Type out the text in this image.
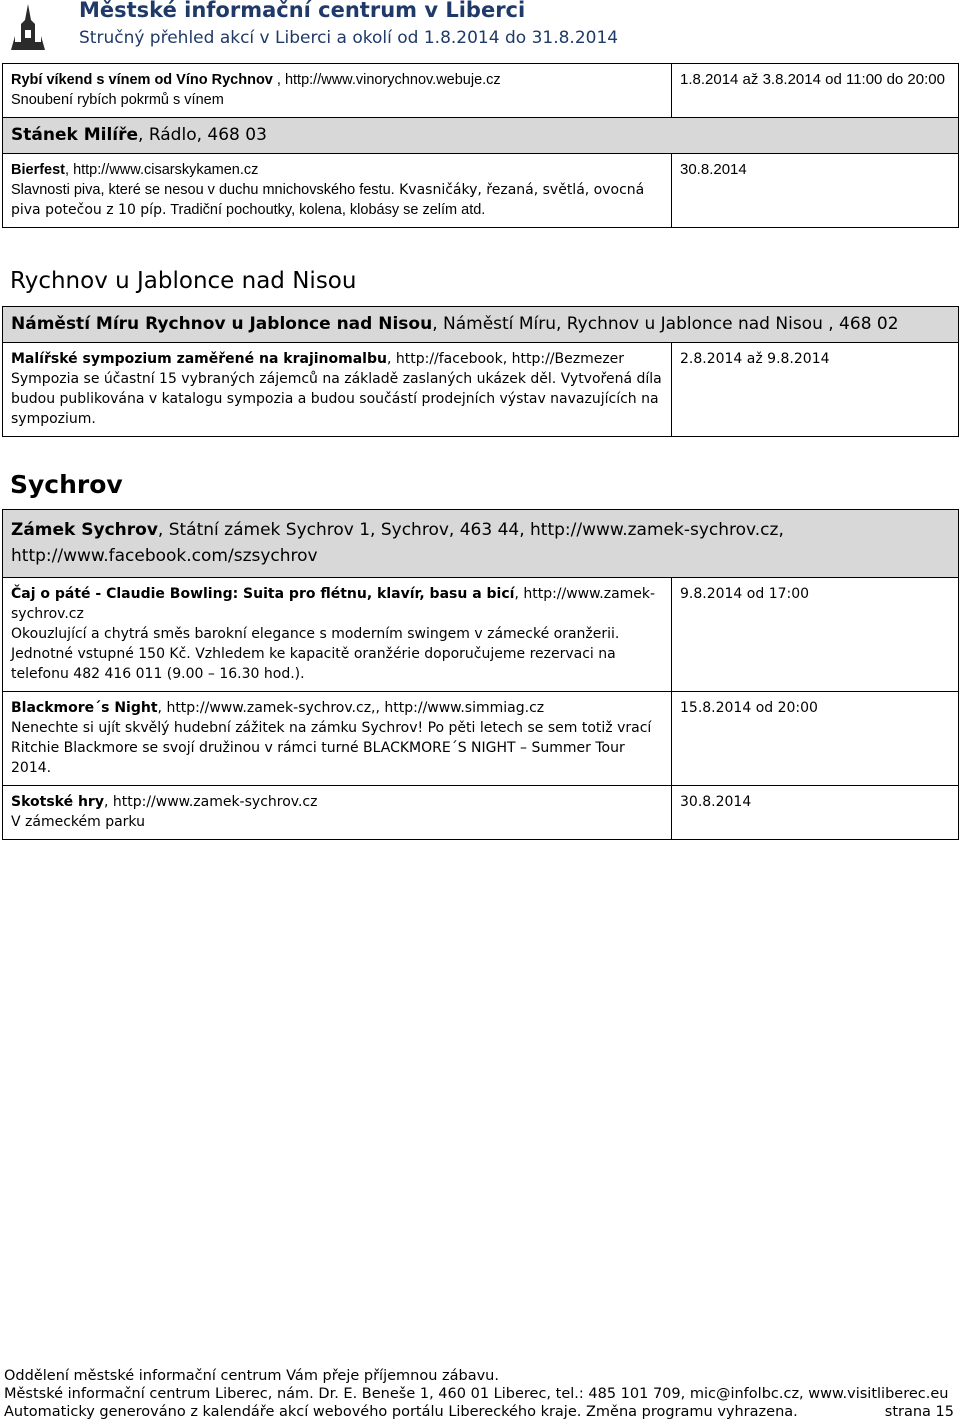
Městské informační centrum v Liberci
Stručný přehled akcí v Liberci a okolí od 1.8.2014 do 31.8.2014
Rybí víkend s vínem od Víno Rychnov , http://www.vinorychnov.webuje.cz
Snoubení rybích pokrmů s vínem	1.8.2014 až 3.8.2014 od 11:00 do 20:00
Stánek Milíře, Rádlo, 468 03	
Bierfest, http://www.cisarskykamen.cz
Slavnosti piva, které se nesou v duchu mnichovského festu. Kvasničáky, řezaná, světlá, ovocná piva potečou z 10 píp. Tradiční pochoutky, kolena, klobásy se zelím atd.	30.8.2014
Rychnov u Jablonce nad Nisou
Náměstí Míru Rychnov u Jablonce nad Nisou, Náměstí Míru, Rychnov u Jablonce nad Nisou , 468 02
Malířské sympozium zaměřené na krajinomalbu, http://facebook, http://Bezmezer
Sympozia se účastní 15 vybraných zájemců na základě zaslaných ukázek děl. Vytvořená díla budou publikována v katalogu sympozia a budou součástí prodejních výstav navazujících na sympozium.
	2.8.2014 až 9.8.2014
Sychrov
Zámek Sychrov, Státní zámek Sychrov 1, Sychrov, 463 44, http://www.zamek-sychrov.cz, http://www.facebook.com/szsychrov	
Čaj o páté - Claudie Bowling: Suita pro flétnu, klavír, basu a bicí, http://www.zamek-sychrov.cz
Okouzlující a chytrá směs barokní elegance s moderním swingem v zámecké oranžerii. Jednotné vstupné 150 Kč. Vzhledem ke kapacitě oranžérie doporučujeme rezervaci na telefonu 482 416 011 (9.00 – 16.30 hod.).	9.8.2014 od 17:00
Blackmore´s Night, http://www.zamek-sychrov.cz,, http://www.simmiag.cz
Nenechte si ujít skvělý hudební zážitek na zámku Sychrov! Po pěti letech se sem totiž vrací Ritchie Blackmore se svojí družinou v rámci turné BLACKMORE´S NIGHT – Summer Tour 2014.	15.8.2014 od 20:00
Skotské hry, http://www.zamek-sychrov.cz
V zámeckém parku	30.8.2014
Oddělení městské informační centrum Vám přeje příjemnou zábavu.
Městské informační centrum Liberec, nám. Dr. E. Beneše 1, 460 01 Liberec, tel.: 485 101 709, mic@infolbc.cz, www.visitliberec.eu
Automaticky generováno z kalendáře akcí webového portálu Libereckého kraje. Změna programu vyhrazena.	strana 15
